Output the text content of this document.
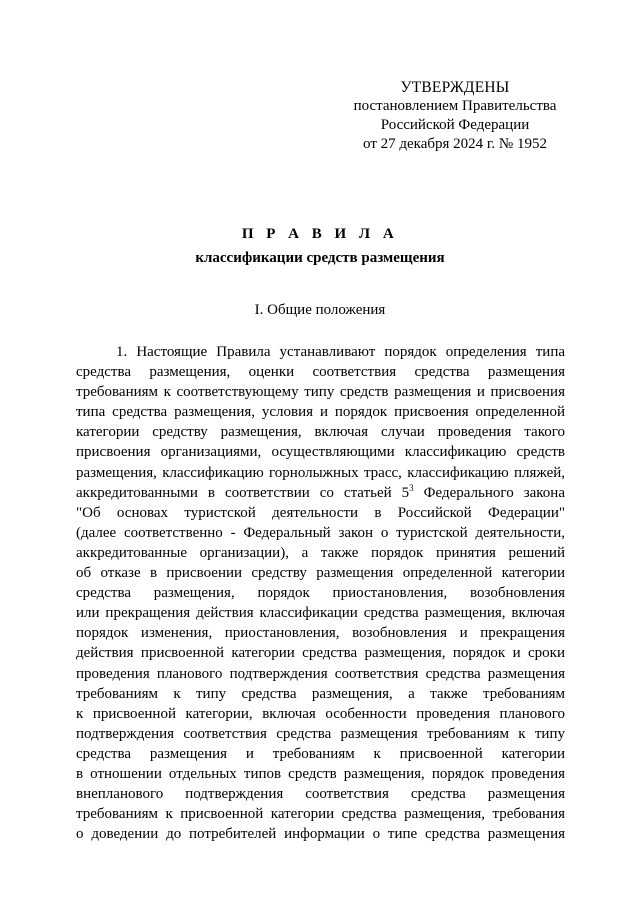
УТВЕРЖДЕНЫ
постановлением Правительства
Российской Федерации
от 27 декабря 2024 г. № 1952
П Р А В И Л А
классификации средств размещения
I. Общие положения
1. Настоящие Правила устанавливают порядок определения типа
средства размещения, оценки соответствия средства размещения
требованиям к соответствующему типу средств размещения и присвоения
типа средства размещения, условия и порядок присвоения определенной
категории средству размещения, включая случаи проведения такого
присвоения организациями, осуществляющими классификацию средств
размещения, классификацию горнолыжных трасс, классификацию пляжей,
аккредитованными в соответствии со статьей $5^3$ Федерального закона
"Об основах туристской деятельности в Российской Федерации"
(далее соответственно - Федеральный закон о туристской деятельности,
аккредитованные организации), а также порядок принятия решений
об отказе в присвоении средству размещения определенной категории
средства размещения, порядок приостановления, возобновления
или прекращения действия классификации средства размещения, включая
порядок изменения, приостановления, возобновления и прекращения
действия присвоенной категории средства размещения, порядок и сроки
проведения планового подтверждения соответствия средства размещения
требованиям к типу средства размещения, а также требованиям
к присвоенной категории, включая особенности проведения планового
подтверждения соответствия средства размещения требованиям к типу
средства размещения и требованиям к присвоенной категории
в отношении отдельных типов средств размещения, порядок проведения
внепланового подтверждения соответствия средства размещения
требованиям к присвоенной категории средства размещения, требования
о доведении до потребителей информации о типе средства размещения
